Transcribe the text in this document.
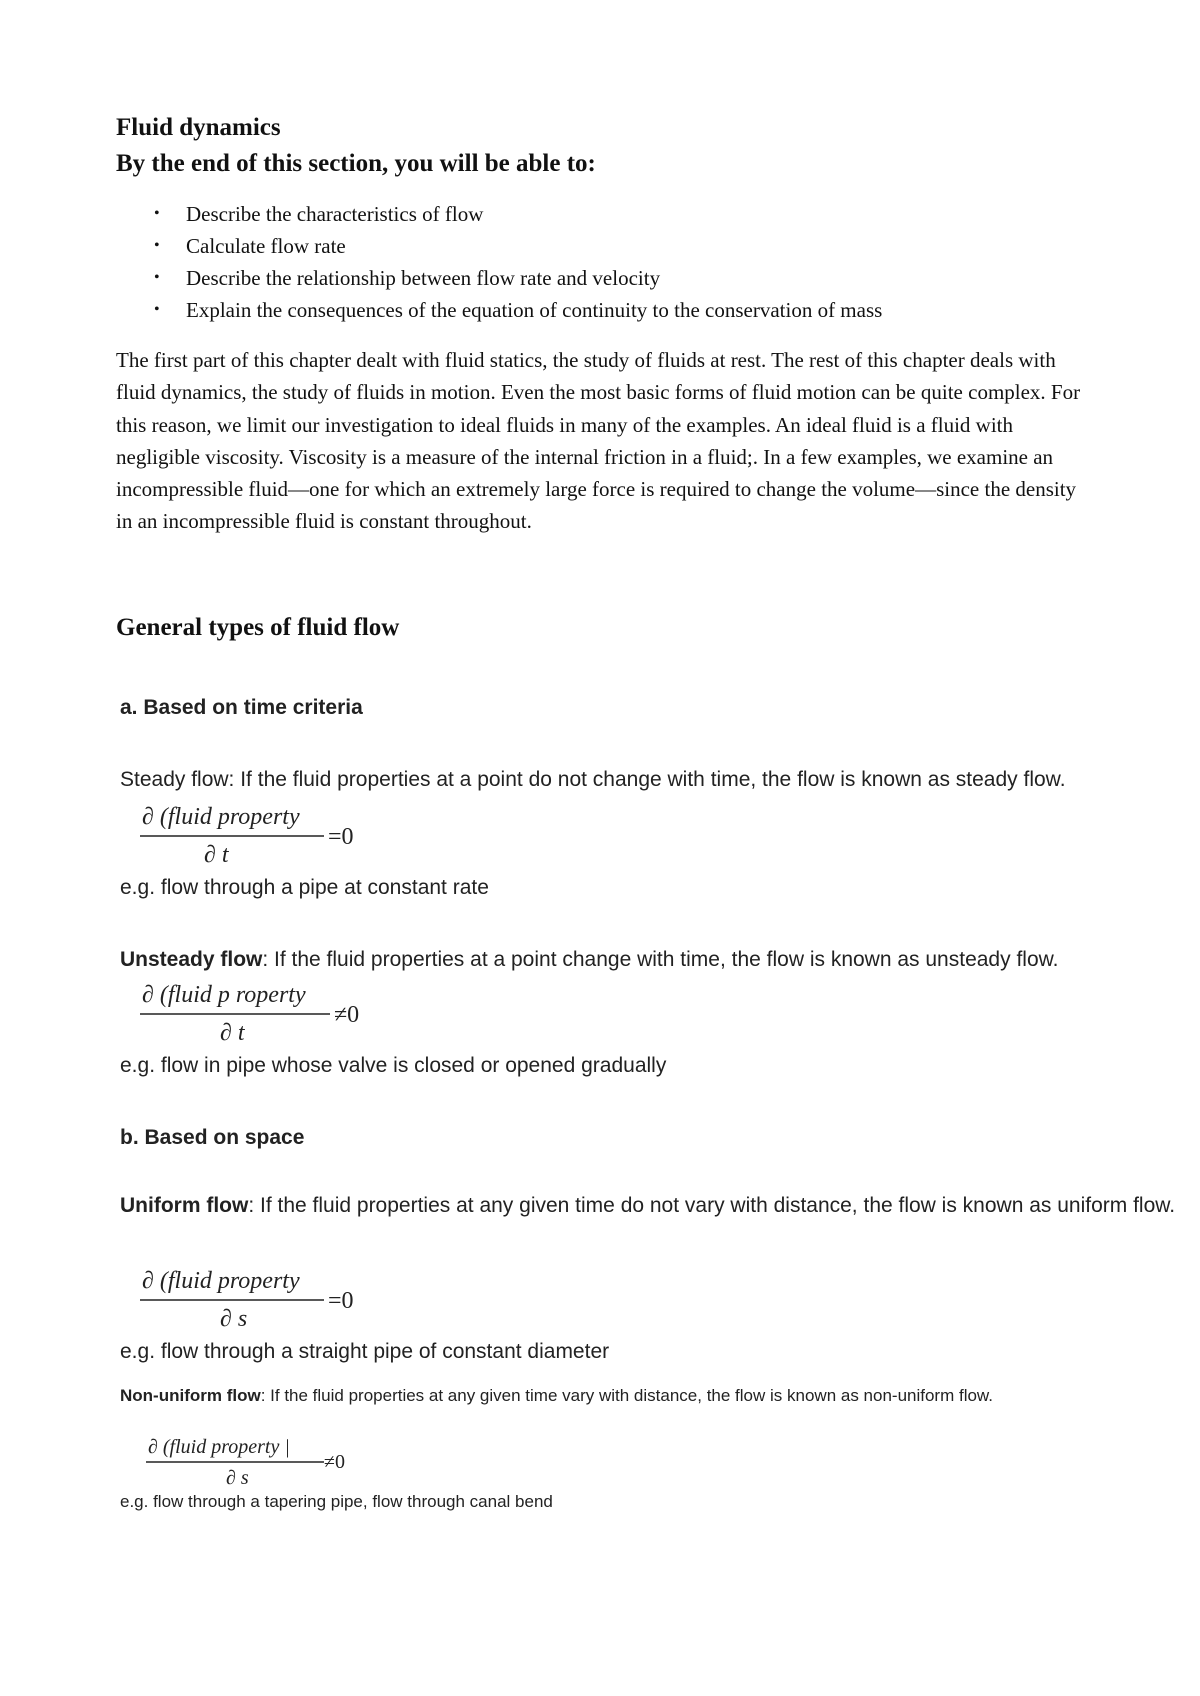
Fluid dynamics
By the end of this section, you will be able to:
• Describe the characteristics of flow
• Calculate flow rate
• Describe the relationship between flow rate and velocity
• Explain the consequences of the equation of continuity to the conservation of mass

The first part of this chapter dealt with fluid statics, the study of fluids at rest. The rest of this chapter deals with fluid dynamics, the study of fluids in motion. Even the most basic forms of fluid motion can be quite complex. For this reason, we limit our investigation to ideal fluids in many of the examples. An ideal fluid is a fluid with negligible viscosity. Viscosity is a measure of the internal friction in a fluid;. In a few examples, we examine an incompressible fluid—one for which an extremely large force is required to change the volume—since the density in an incompressible fluid is constant throughout.

General types of fluid flow
a. Based on time criteria
Steady flow: If the fluid properties at a point do not change with time, the flow is known as steady flow.
∂ (fluid property
∂ t
=0
e.g. flow through a pipe at constant rate
Unsteady flow: If the fluid properties at a point change with time, the flow is known as unsteady flow.
∂ (fluid p roperty
∂ t
≠0
e.g. flow in pipe whose valve is closed or opened gradually
b. Based on space
Uniform flow: If the fluid properties at any given time do not vary with distance, the flow is known as uniform flow.
∂ (fluid property
∂ s
=0
e.g. flow through a straight pipe of constant diameter
Non-uniform flow: If the fluid properties at any given time vary with distance, the flow is known as non-uniform flow.
∂ (fluid property |
∂ s
≠0
e.g. flow through a tapering pipe, flow through canal bend
